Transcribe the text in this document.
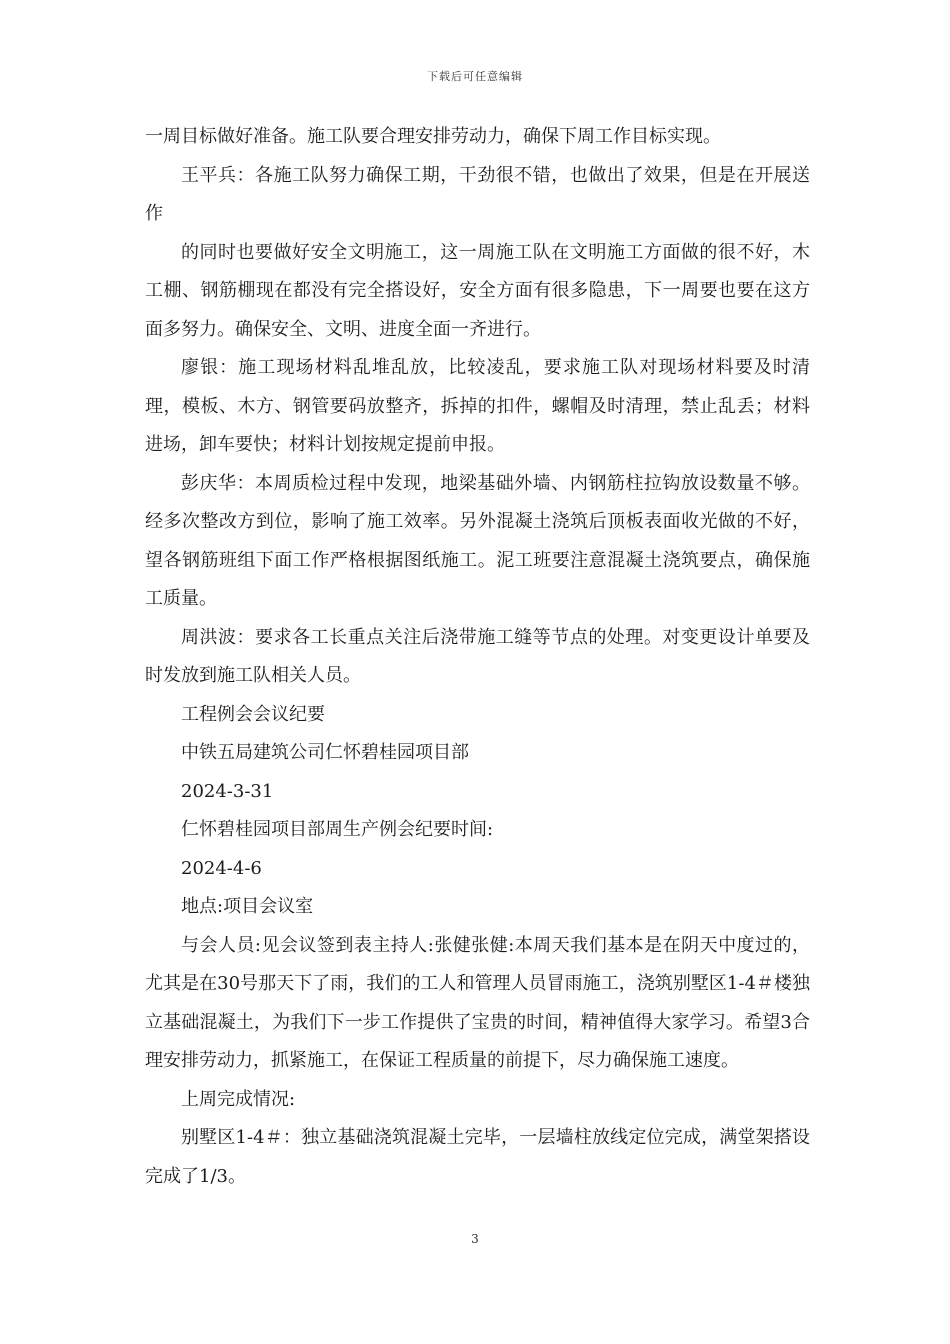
下载后可任意编辑

一周目标做好准备。施工队要合理安排劳动力，确保下周工作目标实现。

王平兵：各施工队努力确保工期，干劲很不错，也做出了效果，但是在开展送作

的同时也要做好安全文明施工，这一周施工队在文明施工方面做的很不好，木工棚、钢筋棚现在都没有完全搭设好，安全方面有很多隐患，下一周要也要在这方面多努力。确保安全、文明、进度全面一齐进行。

廖银：施工现场材料乱堆乱放，比较凌乱，要求施工队对现场材料要及时清理，模板、木方、钢管要码放整齐，拆掉的扣件，螺帽及时清理，禁止乱丢；材料进场，卸车要快；材料计划按规定提前申报。

彭庆华：本周质检过程中发现，地梁基础外墙、内钢筋柱拉钩放设数量不够。经多次整改方到位，影响了施工效率。另外混凝土浇筑后顶板表面收光做的不好，望各钢筋班组下面工作严格根据图纸施工。泥工班要注意混凝土浇筑要点，确保施工质量。

周洪波：要求各工长重点关注后浇带施工缝等节点的处理。对变更设计单要及时发放到施工队相关人员。

工程例会会议纪要

中铁五局建筑公司仁怀碧桂园项目部

2024-3-31

仁怀碧桂园项目部周生产例会纪要时间:

2024-4-6

地点:项目会议室

与会人员:见会议签到表主持人:张健张健:本周天我们基本是在阴天中度过的，尤其是在30号那天下了雨，我们的工人和管理人员冒雨施工，浇筑别墅区1-4＃楼独立基础混凝土，为我们下一步工作提供了宝贵的时间，精神值得大家学习。希望3合理安排劳动力，抓紧施工，在保证工程质量的前提下，尽力确保施工速度。

上周完成情况:

别墅区1-4＃：独立基础浇筑混凝土完毕，一层墙柱放线定位完成，满堂架搭设完成了1/3。

3
